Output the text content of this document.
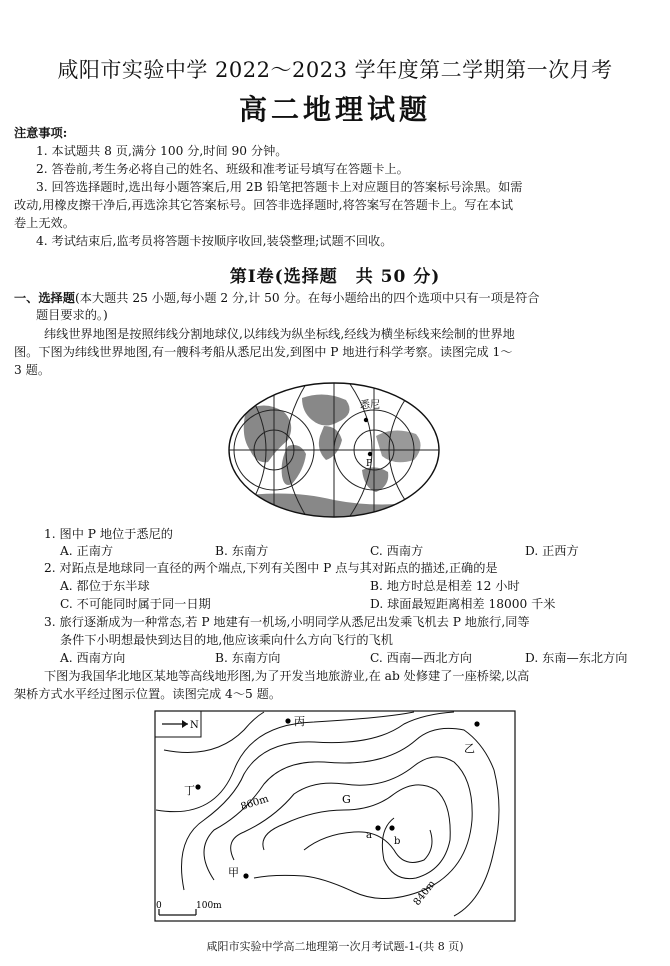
咸阳市实验中学 2022～2023 学年度第二学期第一次月考
高二地理试题
注意事项:
1. 本试题共 8 页,满分 100 分,时间 90 分钟。
2. 答卷前,考生务必将自己的姓名、班级和准考证号填写在答题卡上。
3. 回答选择题时,选出每小题答案后,用 2B 铅笔把答题卡上对应题目的答案标号涂黑。如需
改动,用橡皮擦干净后,再选涂其它答案标号。回答非选择题时,将答案写在答题卡上。写在本试
卷上无效。
4. 考试结束后,监考员将答题卡按顺序收回,装袋整理;试题不回收。
第Ⅰ卷(选择题　共 50 分)
一、选择题(本大题共 25 小题,每小题 2 分,计 50 分。在每小题给出的四个选项中只有一项是符合
题目要求的。)
纬线世界地图是按照纬线分割地球仪,以纬线为纵坐标线,经线为横坐标线来绘制的世界地
图。下图为纬线世界地图,有一艘科考船从悉尼出发,到图中 P 地进行科学考察。读图完成 1～
3 题。
悉尼
P
1. 图中 P 地位于悉尼的
A. 正南方	B. 东南方	C. 西南方	D. 正西方
2. 对跖点是地球同一直径的两个端点,下列有关图中 P 点与其对跖点的描述,正确的是
A. 都位于东半球	B. 地方时总是相差 12 小时
C. 不可能同时属于同一日期	D. 球面最短距离相差 18000 千米
3. 旅行逐渐成为一种常态,若 P 地建有一机场,小明同学从悉尼出发乘飞机去 P 地旅行,同等
条件下小明想最快到达目的地,他应该乘向什么方向飞行的飞机
A. 西南方向	B. 东南方向	C. 西南—西北方向	D. 东南—东北方向
下图为我国华北地区某地等高线地形图,为了开发当地旅游业,在 ab 处修建了一座桥梁,以高
架桥方式水平经过图示位置。读图完成 4～5 题。
N	丙
乙
丁
甲
G
a
b
860m
840m
0	100m
咸阳市实验中学高二地理第一次月考试题-1-(共 8 页)
